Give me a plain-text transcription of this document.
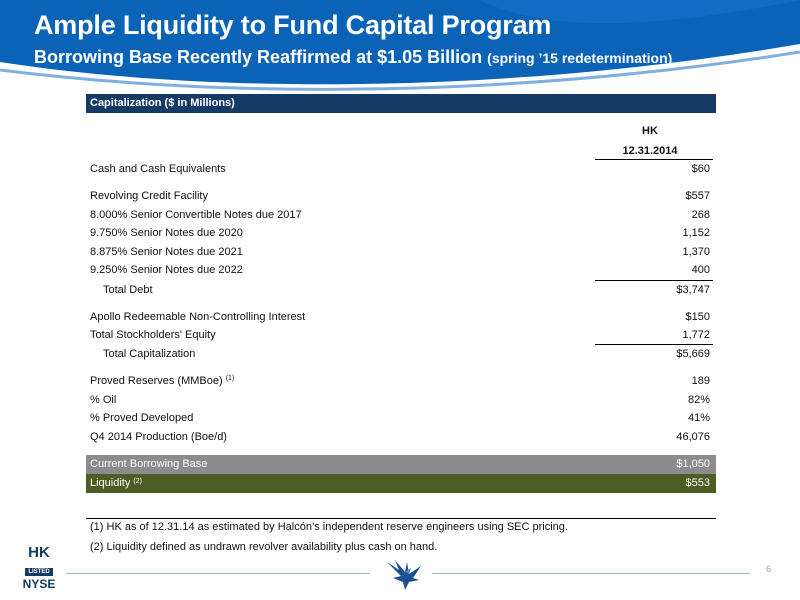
Ample Liquidity to Fund Capital Program
Borrowing Base Recently Reaffirmed at $1.05 Billion (spring ’15 redetermination)
Capitalization ($ in Millions)
HK
12.31.2014
Cash and Cash Equivalents	$60
Revolving Credit Facility	$557
8.000% Senior Convertible Notes due 2017	268
9.750% Senior Notes due 2020	1,152
8.875% Senior Notes due 2021	1,370
9.250% Senior Notes due 2022	400
Total Debt	$3,747
Apollo Redeemable Non-Controlling Interest	$150
Total Stockholders' Equity	1,772
Total Capitalization	$5,669
Proved Reserves (MMBoe) $^{(1)}$	189
% Oil	82%
% Proved Developed	41%
Q4 2014 Production (Boe/d)	46,076
Current Borrowing Base	$1,050
Liquidity $^{(2)}$	$553
(1) HK as of 12.31.14 as estimated by Halcón’s independent reserve engineers using SEC pricing.
(2) Liquidity defined as undrawn revolver availability plus cash on hand.
HK
LISTED
NYSE
6
